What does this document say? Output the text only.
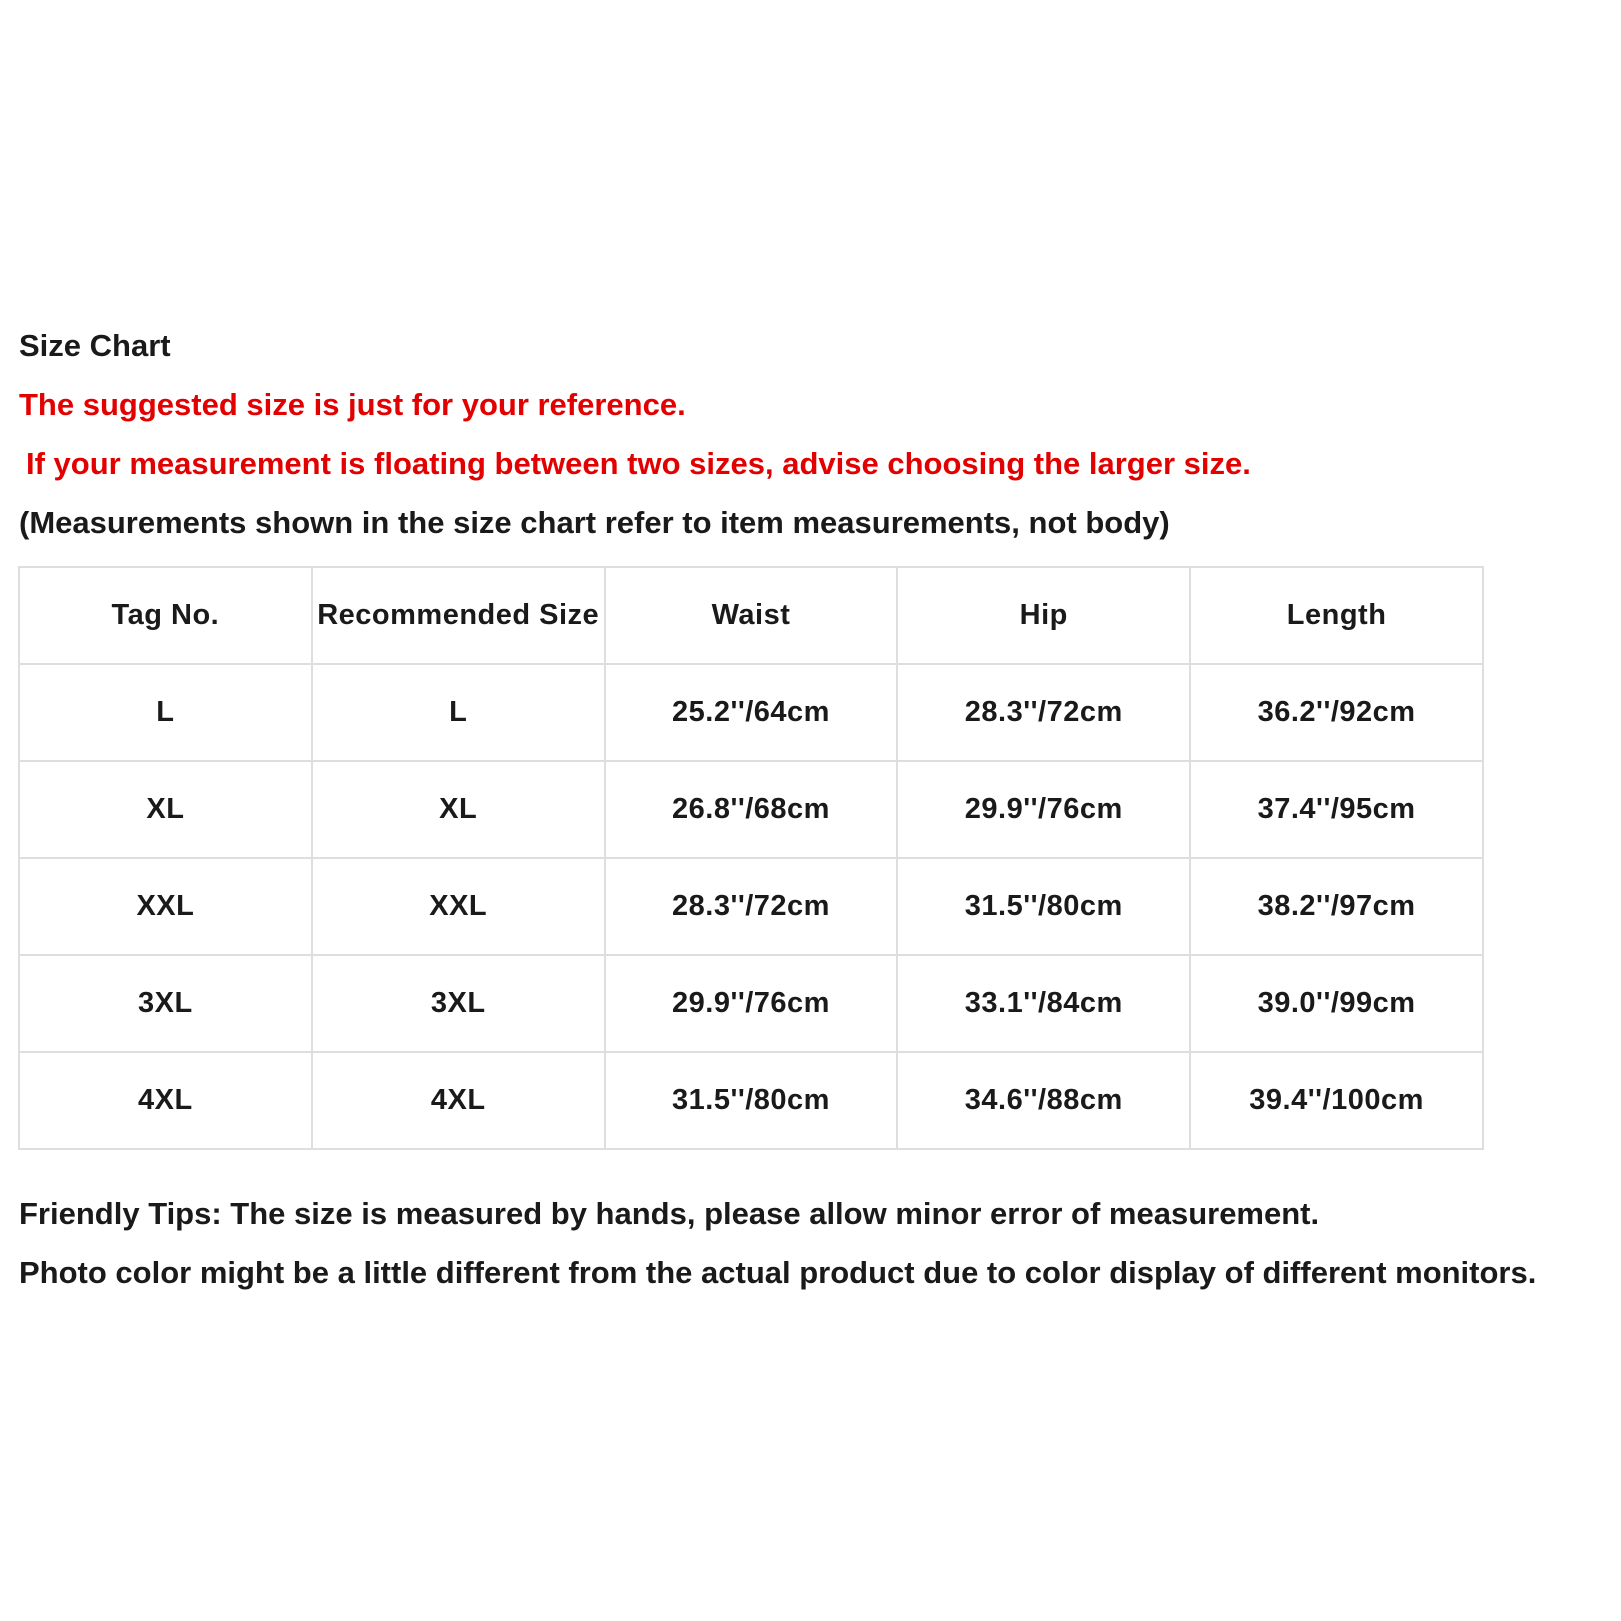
Size Chart
The suggested size is just for your reference.
If your measurement is floating between two sizes, advise choosing the larger size.
(Measurements shown in the size chart refer to item measurements, not body)
Tag No.	Recommended Size	Waist	Hip	Length
L	L	25.2''/64cm	28.3''/72cm	36.2''/92cm
XL	XL	26.8''/68cm	29.9''/76cm	37.4''/95cm
XXL	XXL	28.3''/72cm	31.5''/80cm	38.2''/97cm
3XL	3XL	29.9''/76cm	33.1''/84cm	39.0''/99cm
4XL	4XL	31.5''/80cm	34.6''/88cm	39.4''/100cm
Friendly Tips: The size is measured by hands, please allow minor error of measurement.
Photo color might be a little different from the actual product due to color display of different monitors.
